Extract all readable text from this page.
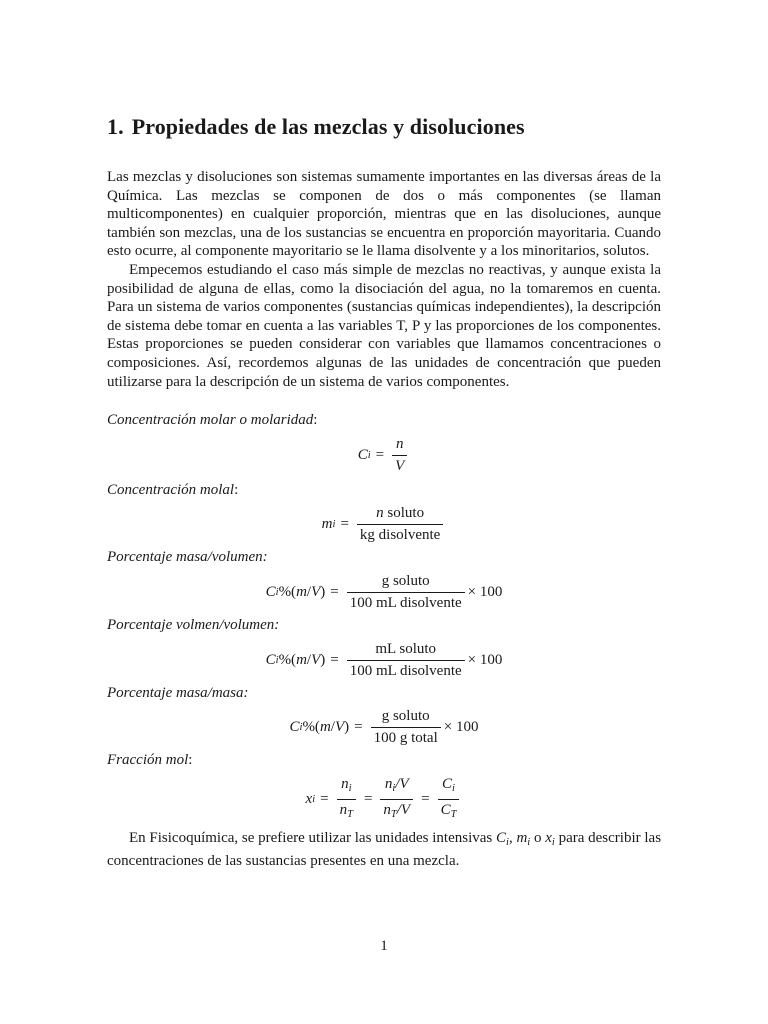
1. Propiedades de las mezclas y disoluciones

Las mezclas y disoluciones son sistemas sumamente importantes en las diversas áreas de la Química. Las mezclas se componen de dos o más componentes (se llaman multicomponentes) en cualquier proporción, mientras que en las disoluciones, aunque también son mezclas, una de los sustancias se encuentra en proporción mayoritaria. Cuando esto ocurre, al componente mayoritario se le llama disolvente y a los minoritarios, solutos.

Empecemos estudiando el caso más simple de mezclas no reactivas, y aunque exista la posibilidad de alguna de ellas, como la disociación del agua, no la tomaremos en cuenta. Para un sistema de varios componentes (sustancias químicas independientes), la descripción de sistema debe tomar en cuenta a las variables T, P y las proporciones de los componentes. Estas proporciones se pueden considerar con variables que llamamos concentraciones o composiciones. Así, recordemos algunas de las unidades de concentración que pueden utilizarse para la descripción de un sistema de varios componentes.

Concentración molar o molaridad:
C $i = \frac{n}{V}$
Concentración molal:
m $i = \frac{\text{n soluto}}{\text{kg disolvente}}$
Porcentaje masa/volumen:
C i %( m / V ) = $\frac{\text{g soluto}}{\text{100 mL disolvente}} \times 100$
Porcentaje volmen/volumen:
C i %( m / V ) = $\frac{\text{mL soluto}}{\text{100 mL disolvente}} \times 100$
Porcentaje masa/masa:
C i %( m / V ) = $\frac{\text{g soluto}}{\text{100 g total}} \times 100$
Fracción mol:
x $i = \frac{n_i}{n_T} = \frac{n_i/V}{n_T/V} = \frac{C_i}{C_T}$

En Fisicoquímica, se prefiere utilizar las unidades intensivas $C_i$, $m_i$ o $x_i$ para describir las concentraciones de las sustancias presentes en una mezcla.

1
